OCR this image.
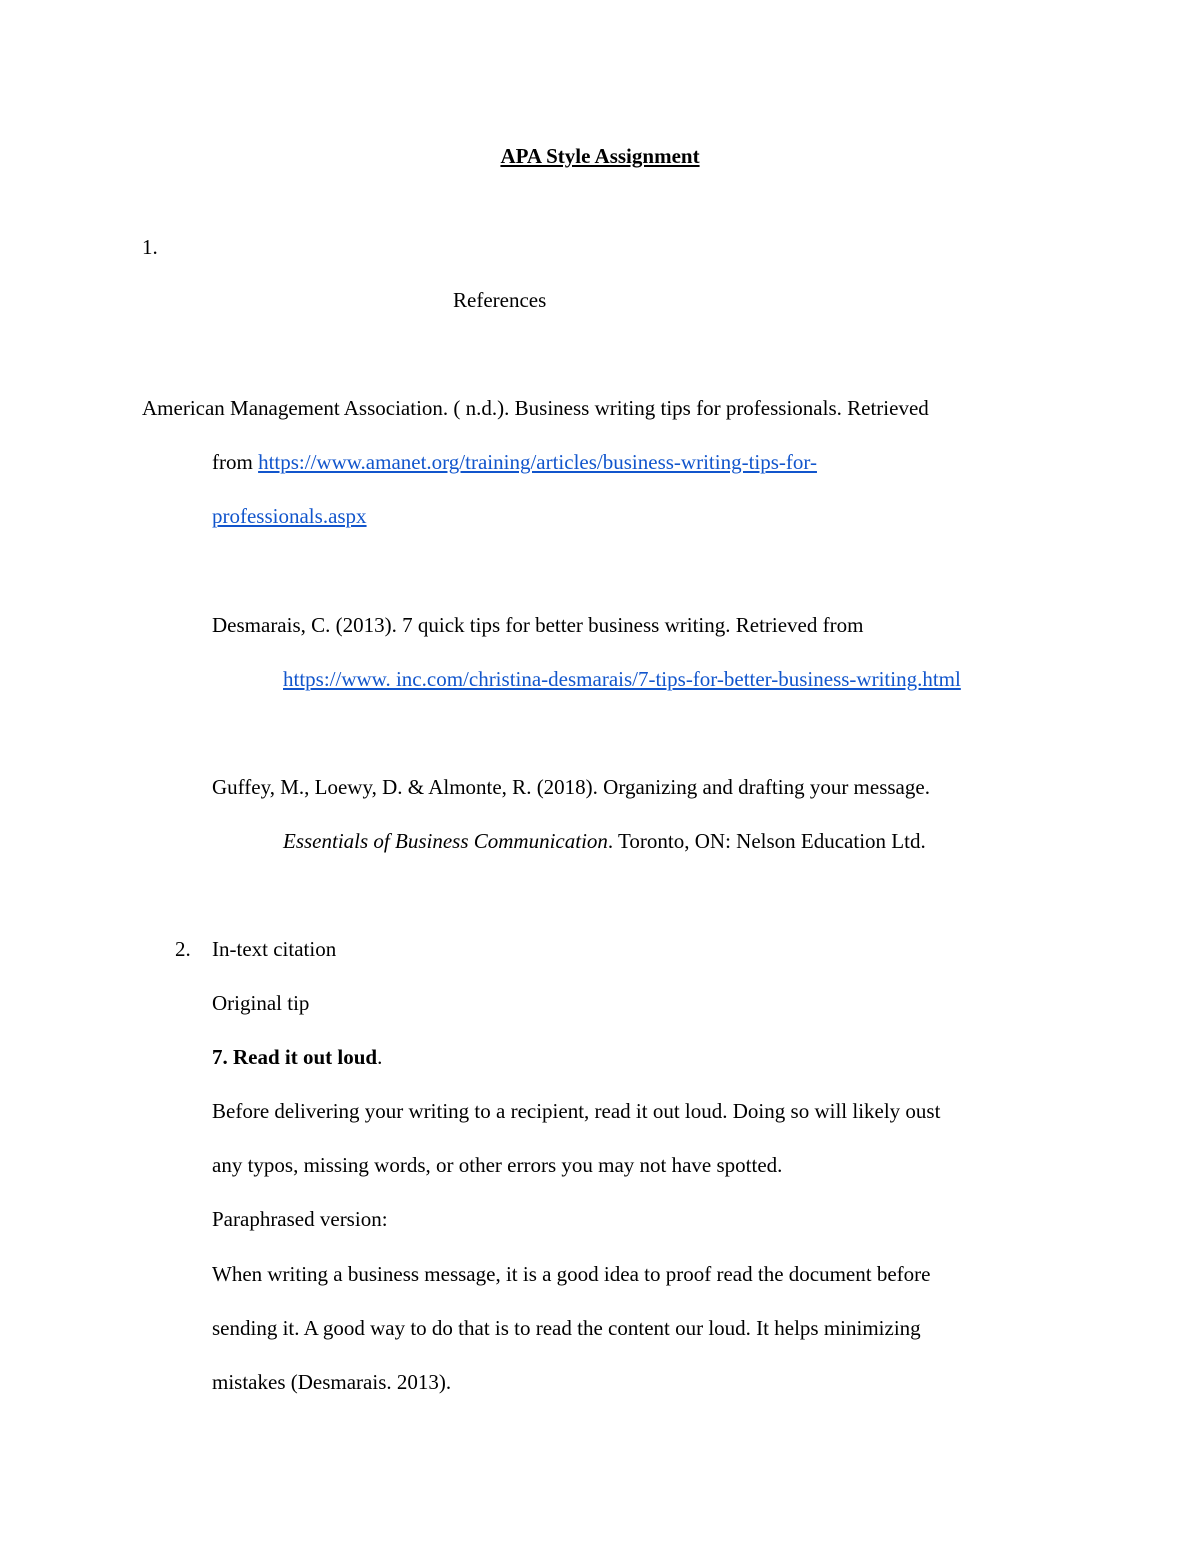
APA Style Assignment
1.
References
American Management Association. ( n.d.). Business writing tips for professionals. Retrieved
from https://www.amanet.org/training/articles/business-writing-tips-for-
professionals.aspx
Desmarais, C. (2013). 7 quick tips for better business writing. Retrieved from
https://www. inc.com/christina-desmarais/7-tips-for-better-business-writing.html
Guffey, M., Loewy, D. & Almonte, R. (2018). Organizing and drafting your message.
Essentials of Business Communication. Toronto, ON: Nelson Education Ltd.
2. In-text citation
Original tip
7. Read it out loud.
Before delivering your writing to a recipient, read it out loud. Doing so will likely oust
any typos, missing words, or other errors you may not have spotted.
Paraphrased version:
When writing a business message, it is a good idea to proof read the document before
sending it. A good way to do that is to read the content our loud. It helps minimizing
mistakes (Desmarais. 2013).
